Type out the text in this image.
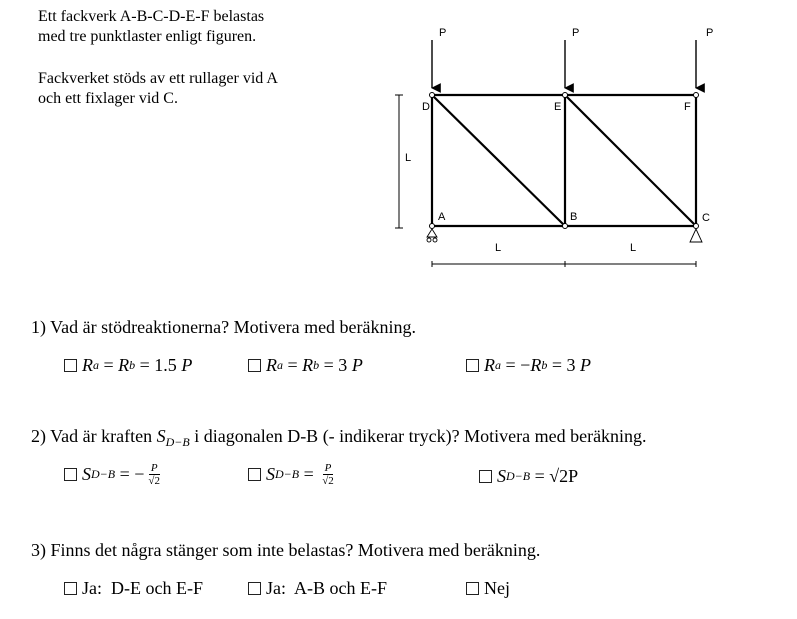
Ett fackverk A-B-C-D-E-F belastas
med tre punktlaster enligt figuren.
Fackverket stöds av ett rullager vid A
och ett fixlager vid C.
P	P	P
D	E	F
A	B	C
L
L	L
1) Vad är stödreaktionerna? Motivera med beräkning.
R a = R b = 1.5 P	R a = R b = 3 P	R a = − R b = 3 P
2) Vad är kraften $S_{D-B}$ i diagonalen D-B (- indikerar tryck)? Motivera med beräkning.
S D−B = − $\frac{P}{√2}$	S $D-B = \frac{P}{√2}$	S D−B = √2P
3) Finns det några stänger som inte belastas? Motivera med beräkning.
Ja:  D-E och E-F	Ja:  A-B och E-F	Nej
